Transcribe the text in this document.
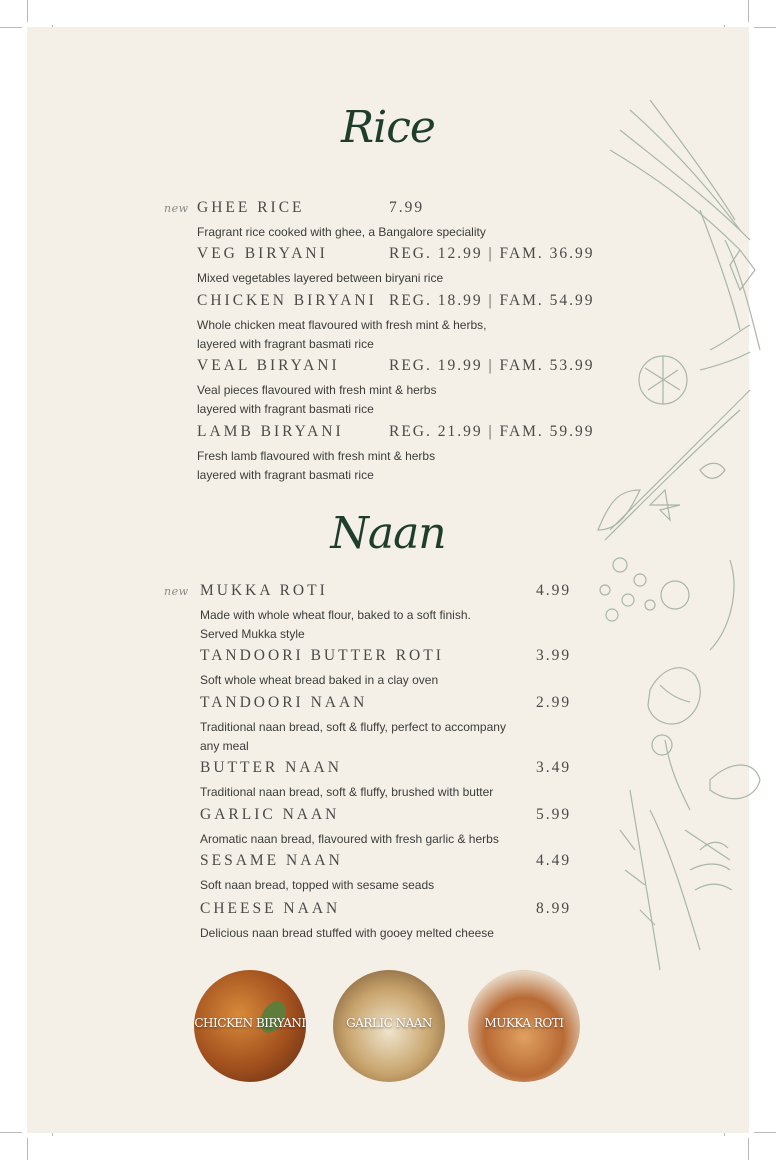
Rice
new GHEE RICE	7.99
Fragrant rice cooked with ghee, a Bangalore speciality
VEG BIRYANI	REG. 12.99 | FAM. 36.99
Mixed vegetables layered between biryani rice
CHICKEN BIRYANI REG. 18.99 | FAM. 54.99
Whole chicken meat flavoured with fresh mint & herbs,
layered with fragrant basmati rice
VEAL BIRYANI	REG. 19.99 | FAM. 53.99
Veal pieces flavoured with fresh mint & herbs
layered with fragrant basmati rice
LAMB BIRYANI	REG. 21.99 | FAM. 59.99
Fresh lamb flavoured with fresh mint & herbs
layered with fragrant basmati rice
Naan
new MUKKA ROTI	4.99
Made with whole wheat flour, baked to a soft finish.
Served Mukka style
TANDOORI BUTTER ROTI	3.99
Soft whole wheat bread baked in a clay oven
TANDOORI NAAN	2.99
Traditional naan bread, soft & fluffy, perfect to accompany
any meal
BUTTER NAAN	3.49
Traditional naan bread, soft & fluffy, brushed with butter
GARLIC NAAN	5.99
Aromatic naan bread, flavoured with fresh garlic & herbs
SESAME NAAN	4.49
Soft naan bread, topped with sesame seads
CHEESE NAAN	8.99
Delicious naan bread stuffed with gooey melted cheese
CHICKEN BIRYANI	GARLIC NAAN	MUKKA ROTI
